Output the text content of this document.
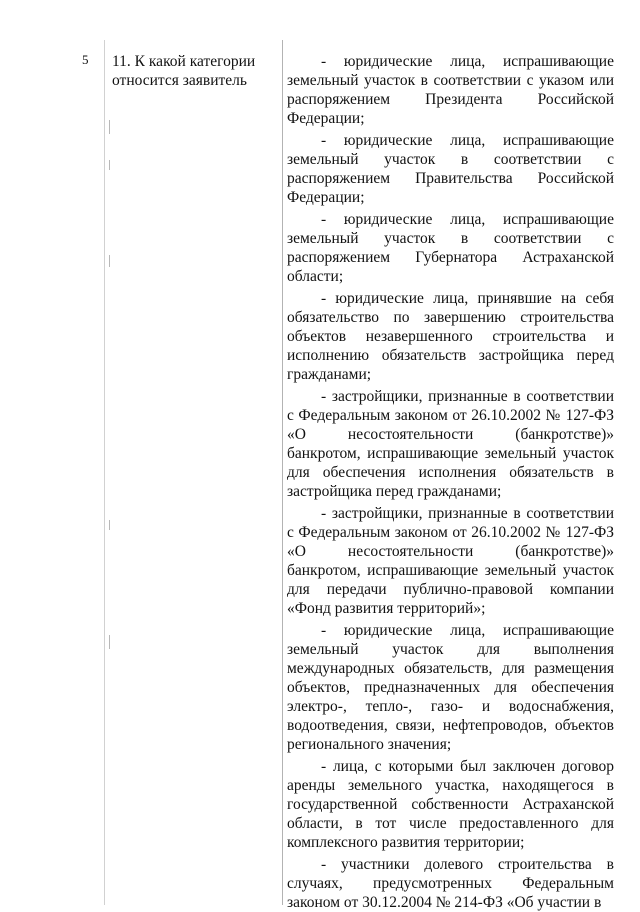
5 11. К какой категории относится заявитель

- юридические лица, испрашивающие земельный участок в соответствии с указом или распоряжением Президента Российской Федерации;

- юридические лица, испрашивающие земельный участок в соответствии с распоряжением Правительства Российской Федерации;

- юридические лица, испрашивающие земельный участок в соответствии с распоряжением Губернатора Астраханской области;

- юридические лица, принявшие на себя обязательство по завершению строительства объектов незавершенного строительства и исполнению обязательств застройщика перед гражданами;

- застройщики, признанные в соответствии с Федеральным законом от 26.10.2002 № 127-ФЗ «О несостоятельности (банкротстве)» банкротом, испрашивающие земельный участок для обеспечения исполнения обязательств в застройщика перед гражданами;

- застройщики, признанные в соответствии с Федеральным законом от 26.10.2002 № 127-ФЗ «О несостоятельности (банкротстве)» банкротом, испрашивающие земельный участок для передачи публично-правовой компании «Фонд развития территорий»;

- юридические лица, испрашивающие земельный участок для выполнения международных обязательств, для размещения объектов, предназначенных для обеспечения электро-, тепло-, газо- и водоснабжения, водоотведения, связи, нефтепроводов, объектов регионального значения;

- лица, с которыми был заключен договор аренды земельного участка, находящегося в государственной собственности Астраханской области, в тот числе предоставленного для комплексного развития территории;

- участники долевого строительства в случаях, предусмотренных Федеральным законом от 30.12.2004 № 214-ФЗ «Об участии в
